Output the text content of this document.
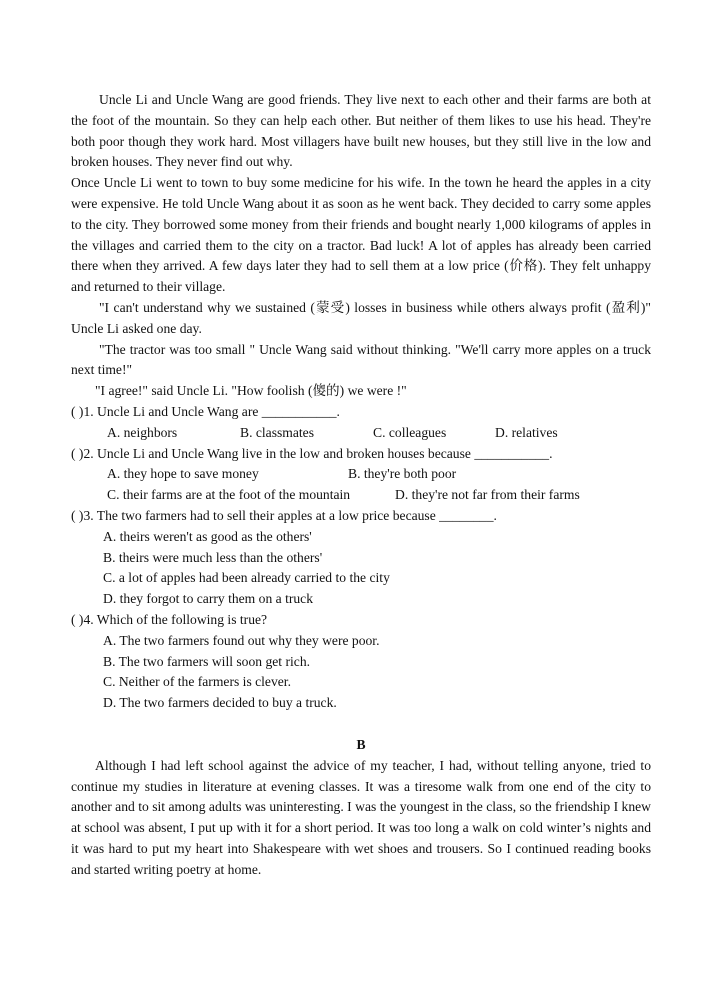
Uncle Li and Uncle Wang are good friends. They live next to each other and their farms are both at the foot of the mountain. So they can help each other. But neither of them likes to use his head. They're both poor though they work hard. Most villagers have built new houses, but they still live in the low and broken houses. They never find out why.

Once Uncle Li went to town to buy some medicine for his wife. In the town he heard the apples in a city were expensive. He told Uncle Wang about it as soon as he went back. They decided to carry some apples to the city. They borrowed some money from their friends and bought nearly 1,000 kilograms of apples in the villages and carried them to the city on a tractor. Bad luck! A lot of apples has already been carried there when they arrived. A few days later they had to sell them at a low price (价格). They felt unhappy and returned to their village.

"I can't understand why we sustained (蒙受) losses in business while others always profit (盈利)" Uncle Li asked one day.

"The tractor was too small " Uncle Wang said without thinking. "We'll carry more apples on a truck next time!"

"I agree!" said Uncle Li. "How foolish (傻的) we were !"

( )1. Uncle Li and Uncle Wang are ___________.

A. neighbors	B. classmates	C. colleagues	D. relatives

( )2. Uncle Li and Uncle Wang live in the low and broken houses because ___________.

A. they hope to save money	B. they're both poor
C. their farms are at the foot of the mountain	D. they're not far from their farms

( )3. The two farmers had to sell their apples at a low price because ________.

A. theirs weren't as good as the others'

B. theirs were much less than the others'

C. a lot of apples had been already carried to the city

D. they forgot to carry them on a truck

( )4. Which of the following is true?

A. The two farmers found out why they were poor.

B. The two farmers will soon get rich.

C. Neither of the farmers is clever.

D. The two farmers decided to buy a truck.

B

Although I had left school against the advice of my teacher, I had, without telling anyone, tried to continue my studies in literature at evening classes. It was a tiresome walk from one end of the city to another and to sit among adults was uninteresting. I was the youngest in the class, so the friendship I knew at school was absent, I put up with it for a short period. It was too long a walk on cold winter’s nights and it was hard to put my heart into Shakespeare with wet shoes and trousers. So I continued reading books and started writing poetry at home.
